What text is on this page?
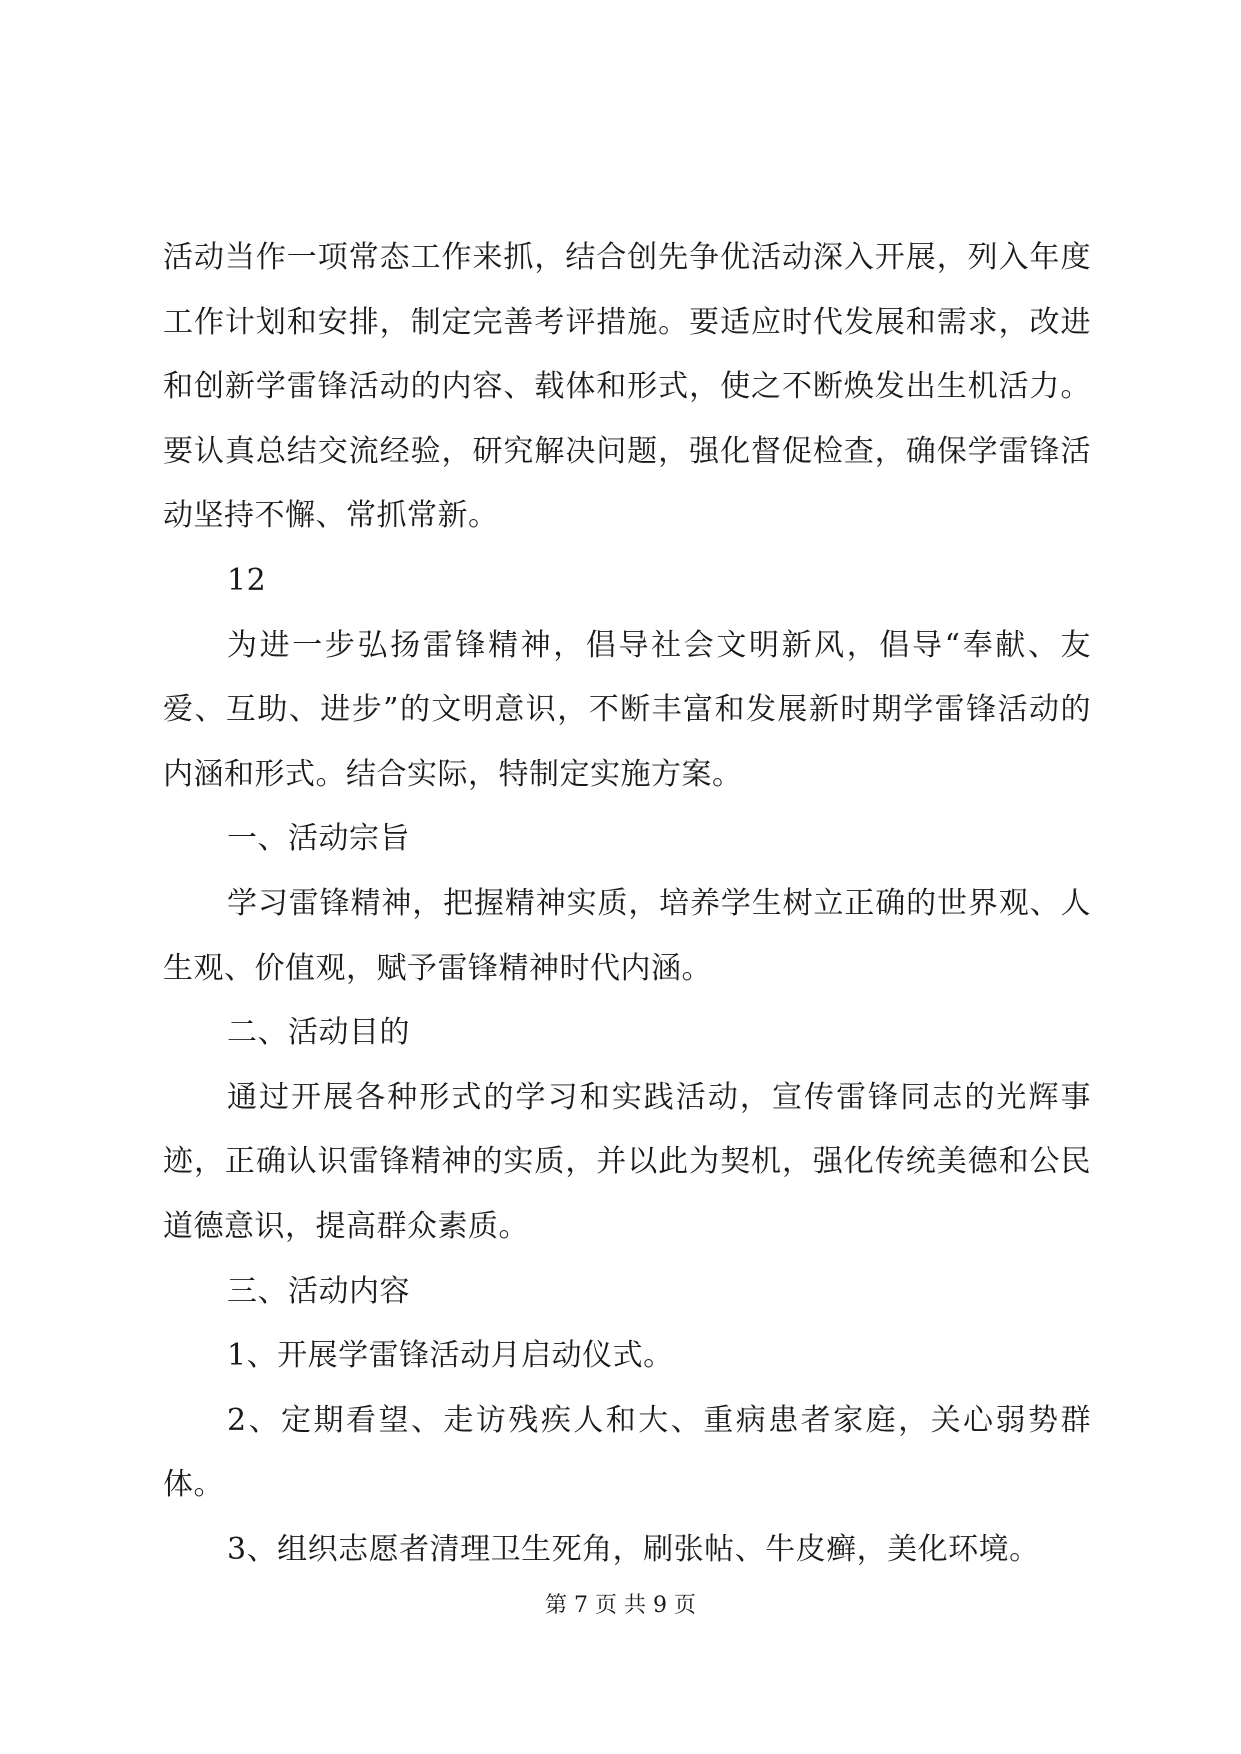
活动当作一项常态工作来抓，结合创先争优活动深入开展，列入年度工作计划和安排，制定完善考评措施。要适应时代发展和需求，改进和创新学雷锋活动的内容、载体和形式，使之不断焕发出生机活力。要认真总结交流经验，研究解决问题，强化督促检查，确保学雷锋活动坚持不懈、常抓常新。

12

为进一步弘扬雷锋精神，倡导社会文明新风，倡导“奉献、友爱、互助、进步”的文明意识，不断丰富和发展新时期学雷锋活动的内涵和形式。结合实际，特制定实施方案。

一、活动宗旨

学习雷锋精神，把握精神实质，培养学生树立正确的世界观、人生观、价值观，赋予雷锋精神时代内涵。

二、活动目的

通过开展各种形式的学习和实践活动，宣传雷锋同志的光辉事迹，正确认识雷锋精神的实质，并以此为契机，强化传统美德和公民道德意识，提高群众素质。

三、活动内容

1、开展学雷锋活动月启动仪式。

2、定期看望、走访残疾人和大、重病患者家庭，关心弱势群体。

3、组织志愿者清理卫生死角，刷张帖、牛皮癣，美化环境。

第 7 页 共 9 页
